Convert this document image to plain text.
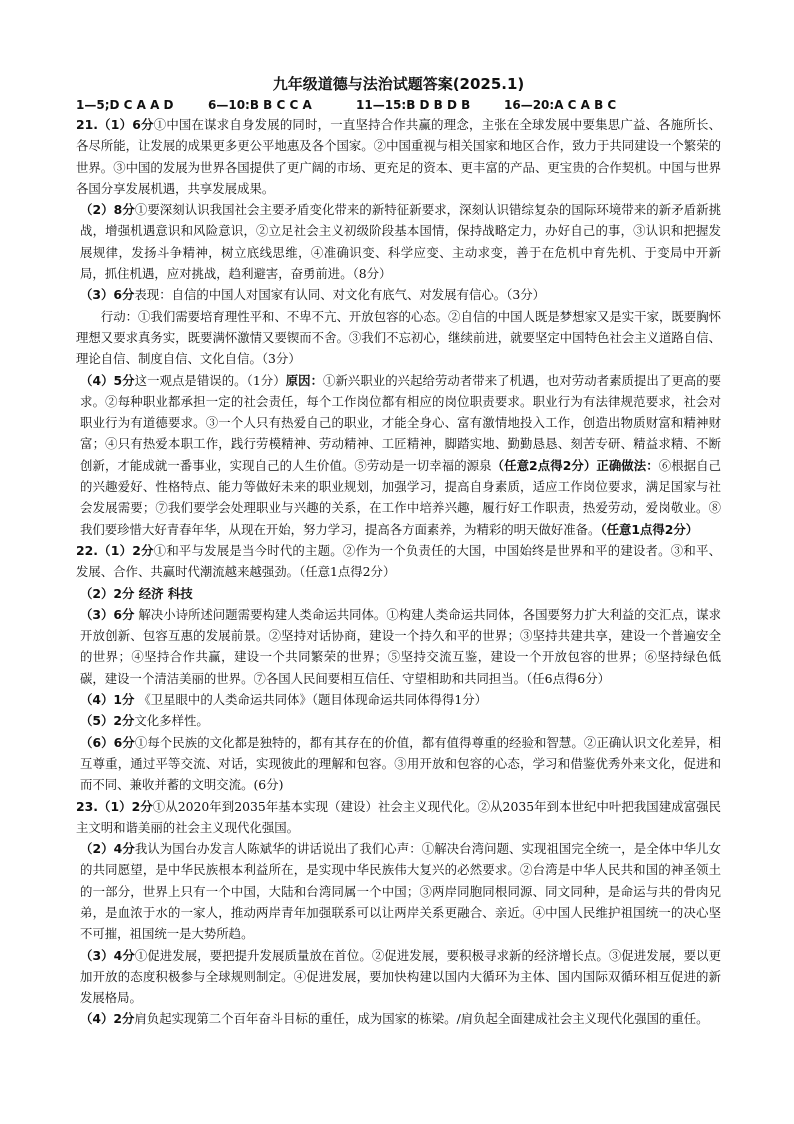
九年级道德与法治试题答案(2025.1)
1—5;D C A A D	6—10:B B C C A	11—15:B D B D B	16—20:A C A B C

21.（1）6分①中国在谋求自身发展的同时，一直坚持合作共赢的理念，主张在全球发展中要集思广益、各施所长、各尽所能，让发展的成果更多更公平地惠及各个国家。②中国重视与相关国家和地区合作，致力于共同建设一个繁荣的世界。③中国的发展为世界各国提供了更广阔的市场、更充足的资本、更丰富的产品、更宝贵的合作契机。中国与世界各国分享发展机遇，共享发展成果。

（2）8分①要深刻认识我国社会主要矛盾变化带来的新特征新要求，深刻认识错综复杂的国际环境带来的新矛盾新挑战，增强机遇意识和风险意识，②立足社会主义初级阶段基本国情，保持战略定力，办好自己的事，③认识和把握发展规律，发扬斗争精神，树立底线思维，④准确识变、科学应变、主动求变，善于在危机中育先机、于变局中开新局，抓住机遇，应对挑战，趋利避害，奋勇前进。（8分）

（3）6分表现：自信的中国人对国家有认同、对文化有底气、对发展有信心。（3分）

行动：①我们需要培育理性平和、不卑不亢、开放包容的心态。②自信的中国人既是梦想家又是实干家，既要胸怀理想又要求真务实，既要满怀激情又要锲而不舍。③我们不忘初心，继续前进，就要坚定中国特色社会主义道路自信、理论自信、制度自信、文化自信。（3分）

（4）5分这一观点是错误的。（1分）原因：①新兴职业的兴起给劳动者带来了机遇，也对劳动者素质提出了更高的要求。②每种职业都承担一定的社会责任，每个工作岗位都有相应的岗位职责要求。职业行为有法律规范要求，社会对职业行为有道德要求。③一个人只有热爱自己的职业，才能全身心、富有激情地投入工作，创造出物质财富和精神财富；④只有热爱本职工作，践行劳模精神、劳动精神、工匠精神，脚踏实地、勤勤恳恳、刻苦专研、精益求精、不断创新，才能成就一番事业，实现自己的人生价值。⑤劳动是一切幸福的源泉（任意2点得2分）正确做法：⑥根据自己的兴趣爱好、性格特点、能力等做好未来的职业规划，加强学习，提高自身素质，适应工作岗位要求，满足国家与社会发展需要；⑦我们要学会处理职业与兴趣的关系，在工作中培养兴趣，履行好工作职责，热爱劳动，爱岗敬业。⑧我们要珍惜大好青春年华，从现在开始，努力学习，提高各方面素养，为精彩的明天做好准备。（任意1点得2分）

22.（1）2分①和平与发展是当今时代的主题。②作为一个负责任的大国，中国始终是世界和平的建设者。③和平、发展、合作、共赢时代潮流越来越强劲。（任意1点得2分）

（2）2分 经济 科技

（3）6分 解决小诗所述问题需要构建人类命运共同体。①构建人类命运共同体，各国要努力扩大利益的交汇点，谋求开放创新、包容互惠的发展前景。②坚持对话协商，建设一个持久和平的世界；③坚持共建共享，建设一个普遍安全的世界；④坚持合作共赢，建设一个共同繁荣的世界；⑤坚持交流互鉴，建设一个开放包容的世界；⑥坚持绿色低碳，建设一个清洁美丽的世界。⑦各国人民间要相互信任、守望相助和共同担当。（任6点得6分）

（4）1分 《卫星眼中的人类命运共同体》（题目体现命运共同体得得1分）

（5）2分文化多样性。

（6）6分①每个民族的文化都是独特的，都有其存在的价值，都有值得尊重的经验和智慧。②正确认识文化差异，相互尊重，通过平等交流、对话，实现彼此的理解和包容。③用开放和包容的心态，学习和借鉴优秀外来文化，促进和而不同、兼收并蓄的文明交流。(6分)

23.（1）2分①从2020年到2035年基本实现（建设）社会主义现代化。②从2035年到本世纪中叶把我国建成富强民主文明和谐美丽的社会主义现代化强国。

（2）4分我认为国台办发言人陈斌华的讲话说出了我们心声：①解决台湾问题、实现祖国完全统一，是全体中华儿女的共同愿望，是中华民族根本利益所在，是实现中华民族伟大复兴的必然要求。②台湾是中华人民共和国的神圣领土的一部分，世界上只有一个中国，大陆和台湾同属一个中国；③两岸同胞同根同源、同文同种，是命运与共的骨肉兄弟，是血浓于水的一家人，推动两岸青年加强联系可以让两岸关系更融合、亲近。④中国人民维护祖国统一的决心坚不可摧，祖国统一是大势所趋。

（3）4分①促进发展，要把提升发展质量放在首位。②促进发展，要积极寻求新的经济增长点。③促进发展，要以更加开放的态度积极参与全球规则制定。④促进发展，要加快构建以国内大循环为主体、国内国际双循环相互促进的新发展格局。

（4）2分肩负起实现第二个百年奋斗目标的重任，成为国家的栋梁。/肩负起全面建成社会主义现代化强国的重任。
